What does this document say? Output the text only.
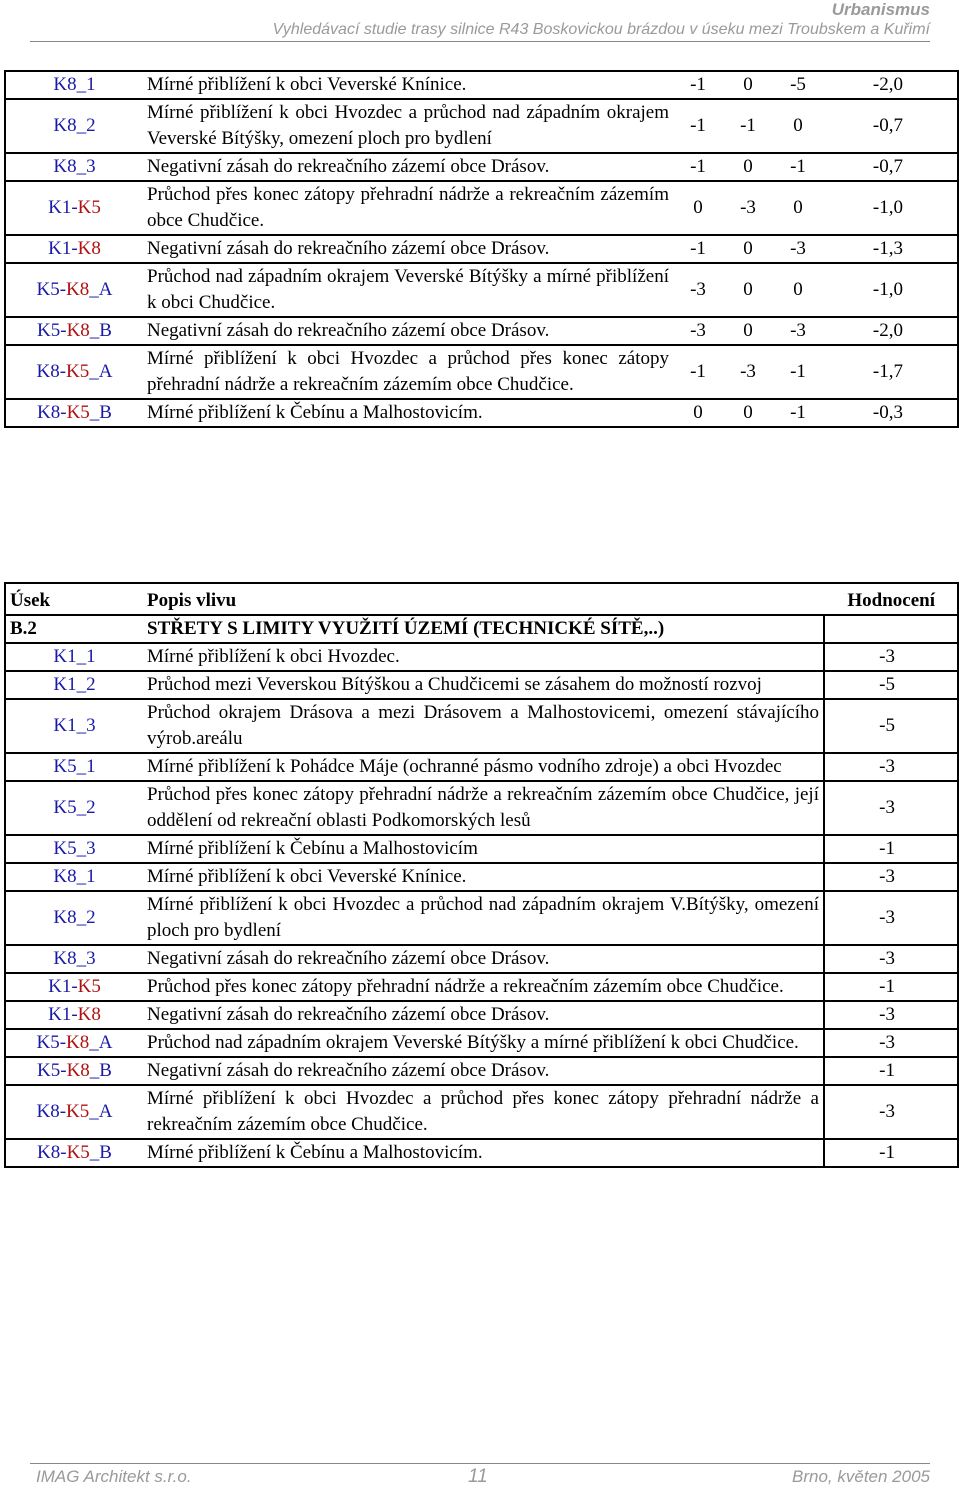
Urbanismus
Vyhledávací studie trasy silnice R43 Boskovickou brázdou v úseku mezi Troubskem a Kuřimí
K8_1	Mírné přiblížení k obci Veverské Knínice.	-1	0	-5	-2,0
K8_2	Mírné přiblížení k obci Hvozdec a průchod nad západním okrajem Veverské Bítýšky, omezení ploch pro bydlení	-1	-1	0	-0,7
K8_3	Negativní zásah do rekreačního zázemí obce Drásov.	-1	0	-1	-0,7
K1-K5	Průchod přes konec zátopy přehradní nádrže a rekreačním zázemím obce Chudčice.	0	-3	0	-1,0
K1-K8	Negativní zásah do rekreačního zázemí obce Drásov.	-1	0	-3	-1,3
K5-K8_A	Průchod nad západním okrajem Veverské Bítýšky a mírné přiblížení k obci Chudčice.	-3	0	0	-1,0
K5-K8_B	Negativní zásah do rekreačního zázemí obce Drásov.	-3	0	-3	-2,0
K8-K5_A	Mírné přiblížení k obci Hvozdec a průchod přes konec zátopy přehradní nádrže a rekreačním zázemím obce Chudčice.	-1	-3	-1	-1,7
K8-K5_B	Mírné přiblížení k Čebínu a Malhostovicím.	0	0	-1	-0,3
Úsek	Popis vlivu	Hodnocení
B.2	STŘETY S LIMITY VYUŽITÍ ÚZEMÍ (TECHNICKÉ SÍTĚ,..)	
K1_1	Mírné přiblížení k obci Hvozdec.	-3
K1_2	Průchod mezi Veverskou Bítýškou a Chudčicemi se zásahem do možností rozvoj	-5
K1_3	Průchod okrajem Drásova a mezi Drásovem a Malhostovicemi, omezení stávajícího výrob.areálu	-5
K5_1	Mírné přiblížení k Pohádce Máje (ochranné pásmo vodního zdroje) a obci Hvozdec	-3
K5_2	Průchod přes konec zátopy přehradní nádrže a rekreačním zázemím obce Chudčice, její oddělení od rekreační oblasti Podkomorských lesů	-3
K5_3	Mírné přiblížení k Čebínu a Malhostovicím	-1
K8_1	Mírné přiblížení k obci Veverské Knínice.	-3
K8_2	Mírné přiblížení k obci Hvozdec a průchod nad západním okrajem V.Bítýšky, omezení ploch pro bydlení	-3
K8_3	Negativní zásah do rekreačního zázemí obce Drásov.	-3
K1-K5	Průchod přes konec zátopy přehradní nádrže a rekreačním zázemím obce Chudčice.	-1
K1-K8	Negativní zásah do rekreačního zázemí obce Drásov.	-3
K5-K8_A	Průchod nad západním okrajem Veverské Bítýšky a mírné přiblížení k obci Chudčice.	-3
K5-K8_B	Negativní zásah do rekreačního zázemí obce Drásov.	-1
K8-K5_A	Mírné přiblížení k obci Hvozdec a průchod přes konec zátopy přehradní nádrže a rekreačním zázemím obce Chudčice.	-3
K8-K5_B	Mírné přiblížení k Čebínu a Malhostovicím.	-1
IMAG Architekt s.r.o.	11	Brno, květen 2005
